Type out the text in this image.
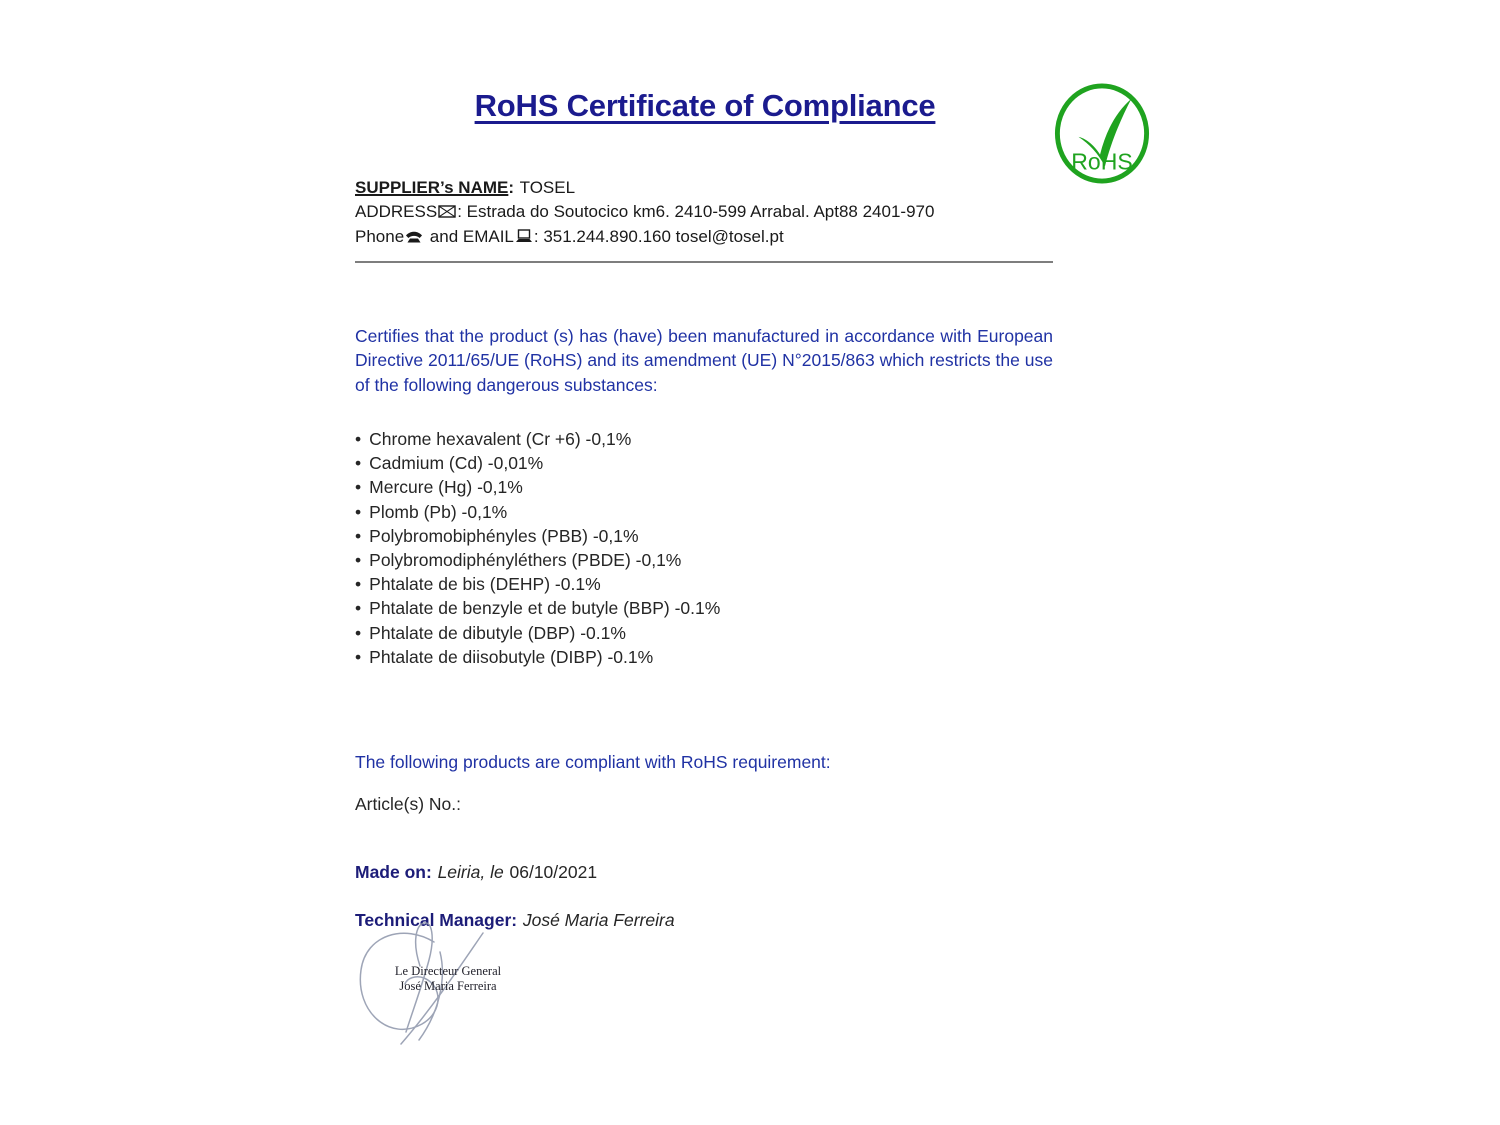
RoHS Certificate of Compliance
RoHS
SUPPLIER’s NAME: TOSEL
ADDRESS : Estrada do Soutocico km6. 2410-599 Arrabal. Apt88 2401-970
Phone and EMAIL : 351.244.890.160 tosel@tosel.pt

Certifies that the product (s) has (have) been manufactured in accordance with European Directive 2011/65/UE (RoHS) and its amendment (UE) N°2015/863 which restricts the use of the following dangerous substances:

• Chrome hexavalent (Cr +6) -0,1%
• Cadmium (Cd) -0,01%
• Mercure (Hg) -0,1%
• Plomb (Pb) -0,1%
• Polybromobiphényles (PBB) -0,1%
• Polybromodiphényléthers (PBDE) -0,1%
• Phtalate de bis (DEHP) -0.1%
• Phtalate de benzyle et de butyle (BBP) -0.1%
• Phtalate de dibutyle (DBP) -0.1%
• Phtalate de diisobutyle (DIBP) -0.1%

The following products are compliant with RoHS requirement:

Article(s) No.:

Made on: Leiria, le 06/10/2021

Technical Manager: José Maria Ferreira

Le Directeur General
José Maria Ferreira
